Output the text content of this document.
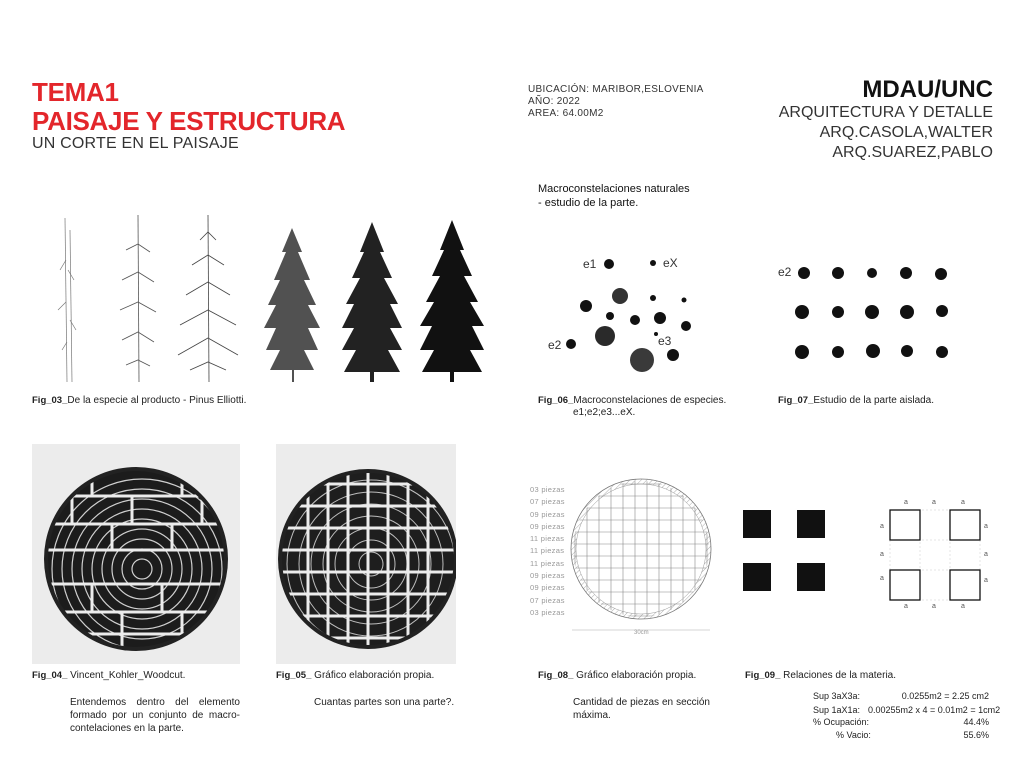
TEMA1
PAISAJE Y ESTRUCTURA
UN CORTE EN EL PAISAJE
UBICACIÓN: MARIBOR,ESLOVENIA
AÑO: 2022
AREA: 64.00M2
MDAU/UNC
ARQUITECTURA Y DETALLE
ARQ.CASOLA,WALTER
ARQ.SUAREZ,PABLO
Macroconstelaciones naturales
- estudio de la parte.
e1	eX
e2	e3
e2
Fig_03_De la especie al producto - Pinus Elliotti.	Fig_06_Macroconstelaciones de especies.
e1;e2;e3...eX.
Fig_07_Estudio de la parte aislada.
03 piezas
07 piezas
09 piezas
09 piezas
11 piezas
11 piezas
11 piezas
09 piezas
09 piezas
07 piezas
03 piezas
30cm
a	a	a
a
a
a
a
a
a
a	a	a
Fig_04_ Vincent_Kohler_Woodcut.	Fig_05_ Gráfico elaboración propia.	Fig_08_ Gráfico elaboración propia.	Fig_09_ Relaciones de la materia.
Entendemos dentro del elemento formado por un conjunto de macro-contelaciones en la parte.
Cuantas partes son una parte?.	Cantidad de piezas en sección máxima.
Sup 3aX3a:	0.0255m2 = 2.25 cm2
Sup 1aX1a: 0.00255m2 x 4 = 0.01m2 = 1cm2
% Ocupación:	44.4%
% Vacio:	55.6%
